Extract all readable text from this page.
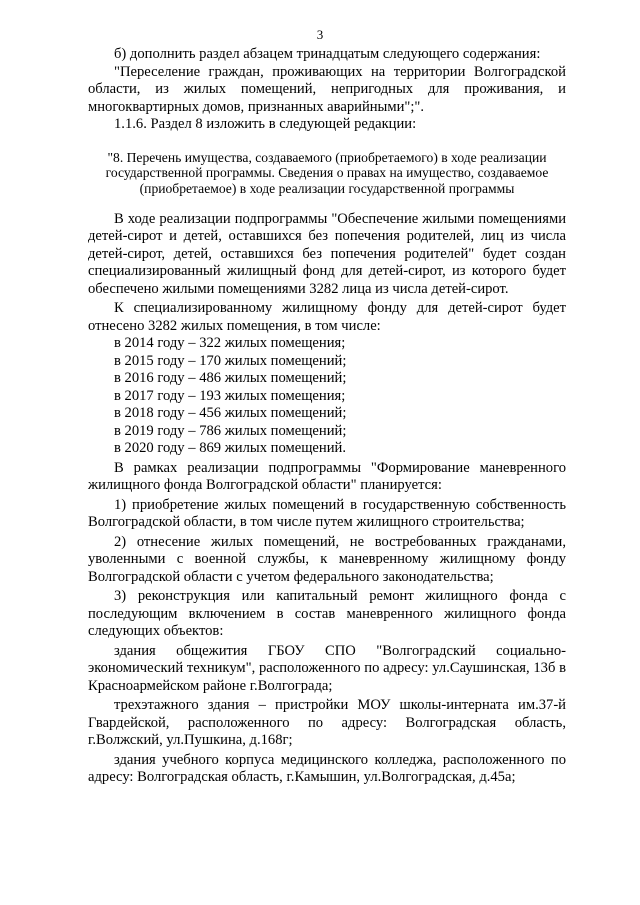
3

б) дополнить раздел абзацем тринадцатым следующего содержания:

"Переселение граждан, проживающих на территории Волгоградской области, из жилых помещений, непригодных для проживания, и многоквартирных домов, признанных аварийными";".

1.1.6. Раздел 8 изложить в следующей редакции:

"8. Перечень имущества, создаваемого (приобретаемого) в ходе реализации государственной программы. Сведения о правах на имущество, создаваемое (приобретаемое) в ходе реализации государственной программы

В ходе реализации подпрограммы "Обеспечение жилыми помещениями детей-сирот и детей, оставшихся без попечения родителей, лиц из числа детей-сирот, детей, оставшихся без попечения родителей" будет создан специализированный жилищный фонд для детей-сирот, из которого будет обеспечено жилыми помещениями 3282 лица из числа детей-сирот.

К специализированному жилищному фонду для детей-сирот будет отнесено 3282 жилых помещения, в том числе:

в 2014 году – 322 жилых помещения;

в 2015 году – 170 жилых помещений;

в 2016 году – 486 жилых помещений;

в 2017 году – 193 жилых помещения;

в 2018 году – 456 жилых помещений;

в 2019 году – 786 жилых помещений;

в 2020 году – 869 жилых помещений.

В рамках реализации подпрограммы "Формирование маневренного жилищного фонда Волгоградской области" планируется:

1) приобретение жилых помещений в государственную собственность Волгоградской области, в том числе путем жилищного строительства;

2) отнесение жилых помещений, не востребованных гражданами, уволенными с военной службы, к маневренному жилищному фонду Волгоградской области с учетом федерального законодательства;

3) реконструкция или капитальный ремонт жилищного фонда с последующим включением в состав маневренного жилищного фонда следующих объектов:

здания общежития ГБОУ СПО "Волгоградский социально-экономический техникум", расположенного по адресу: ул.Саушинская, 13б в Красноармейском районе г.Волгограда;

трехэтажного здания – пристройки МОУ школы-интерната им.37-й Гвардейской, расположенного по адресу: Волгоградская область, г.Волжский, ул.Пушкина, д.168г;

здания учебного корпуса медицинского колледжа, расположенного по адресу: Волгоградская область, г.Камышин, ул.Волгоградская, д.45а;
